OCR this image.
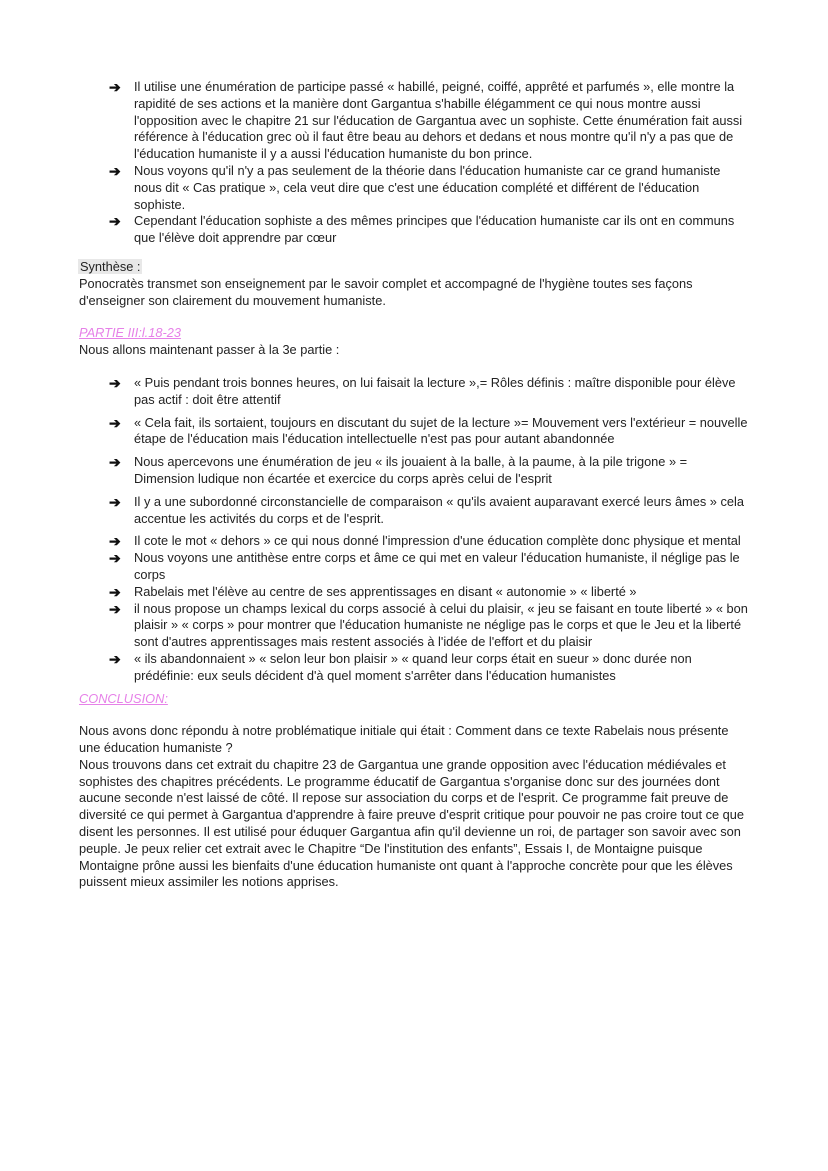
➔ Il utilise une énumération de participe passé « habillé, peigné, coiffé, apprêté et parfumés », elle montre la rapidité de ses actions et la manière dont Gargantua s'habille élégamment ce qui nous montre aussi l'opposition avec le chapitre 21 sur l'éducation de Gargantua avec un sophiste. Cette énumération fait aussi référence à l'éducation grec où il faut être beau au dehors et dedans et nous montre qu'il n'y a pas que de l'éducation humaniste il y a aussi l'éducation humaniste du bon prince.
➔ Nous voyons qu'il n'y a pas seulement de la théorie dans l'éducation humaniste car ce grand humaniste nous dit « Cas pratique », cela veut dire que c'est une éducation complété et différent de l'éducation sophiste.
➔ Cependant l'éducation sophiste a des mêmes principes que l'éducation humaniste car ils ont en communs que l'élève doit apprendre par cœur
Synthèse :
Ponocratès transmet son enseignement par le savoir complet et accompagné de l'hygiène toutes ses façons d'enseigner son clairement du mouvement humaniste.
PARTIE III:l.18-23
Nous allons maintenant passer à la 3e partie :
➔ « Puis pendant trois bonnes heures, on lui faisait la lecture »,= Rôles définis : maître disponible pour élève pas actif : doit être attentif
➔ « Cela fait, ils sortaient, toujours en discutant du sujet de la lecture »= Mouvement vers l'extérieur = nouvelle étape de l'éducation mais l'éducation intellectuelle n'est pas pour autant abandonnée
➔ Nous apercevons une énumération de jeu « ils jouaient à la balle, à la paume, à la pile trigone » = Dimension ludique non écartée et exercice du corps après celui de l'esprit
➔ Il y a une subordonné circonstancielle de comparaison « qu'ils avaient auparavant exercé leurs âmes » cela accentue les activités du corps et de l'esprit.
➔ Il cote le mot « dehors » ce qui nous donné l'impression d'une éducation complète donc physique et mental
➔ Nous voyons une antithèse entre corps et âme ce qui met en valeur l'éducation humaniste, il néglige pas le corps
➔ Rabelais met l'élève au centre de ses apprentissages en disant « autonomie » « liberté »
➔ il nous propose un champs lexical du corps associé à celui du plaisir, « jeu se faisant en toute liberté » « bon plaisir » « corps » pour montrer que l'éducation humaniste ne néglige pas le corps et que le Jeu et la liberté sont d'autres apprentissages mais restent associés à l'idée de l'effort et du plaisir
➔ « ils abandonnaient » « selon leur bon plaisir » « quand leur corps était en sueur » donc durée non prédéfinie: eux seuls décident d'à quel moment s'arrêter dans l'éducation humanistes
CONCLUSION:
Nous avons donc répondu à notre problématique initiale qui était : Comment dans ce texte Rabelais nous présente une éducation humaniste ?
Nous trouvons dans cet extrait du chapitre 23 de Gargantua une grande opposition avec l'éducation médiévales et sophistes des chapitres précédents. Le programme éducatif de Gargantua s'organise donc sur des journées dont aucune seconde n'est laissé de côté. Il repose sur association du corps et de l'esprit. Ce programme fait preuve de diversité ce qui permet à Gargantua d'apprendre à faire preuve d'esprit critique pour pouvoir ne pas croire tout ce que disent les personnes. Il est utilisé pour éduquer Gargantua afin qu'il devienne un roi, de partager son savoir avec son peuple. Je peux relier cet extrait avec le Chapitre “De l'institution des enfants”, Essais I, de Montaigne puisque Montaigne prône aussi les bienfaits d'une éducation humaniste ont quant à l'approche concrète pour que les élèves puissent mieux assimiler les notions apprises.
